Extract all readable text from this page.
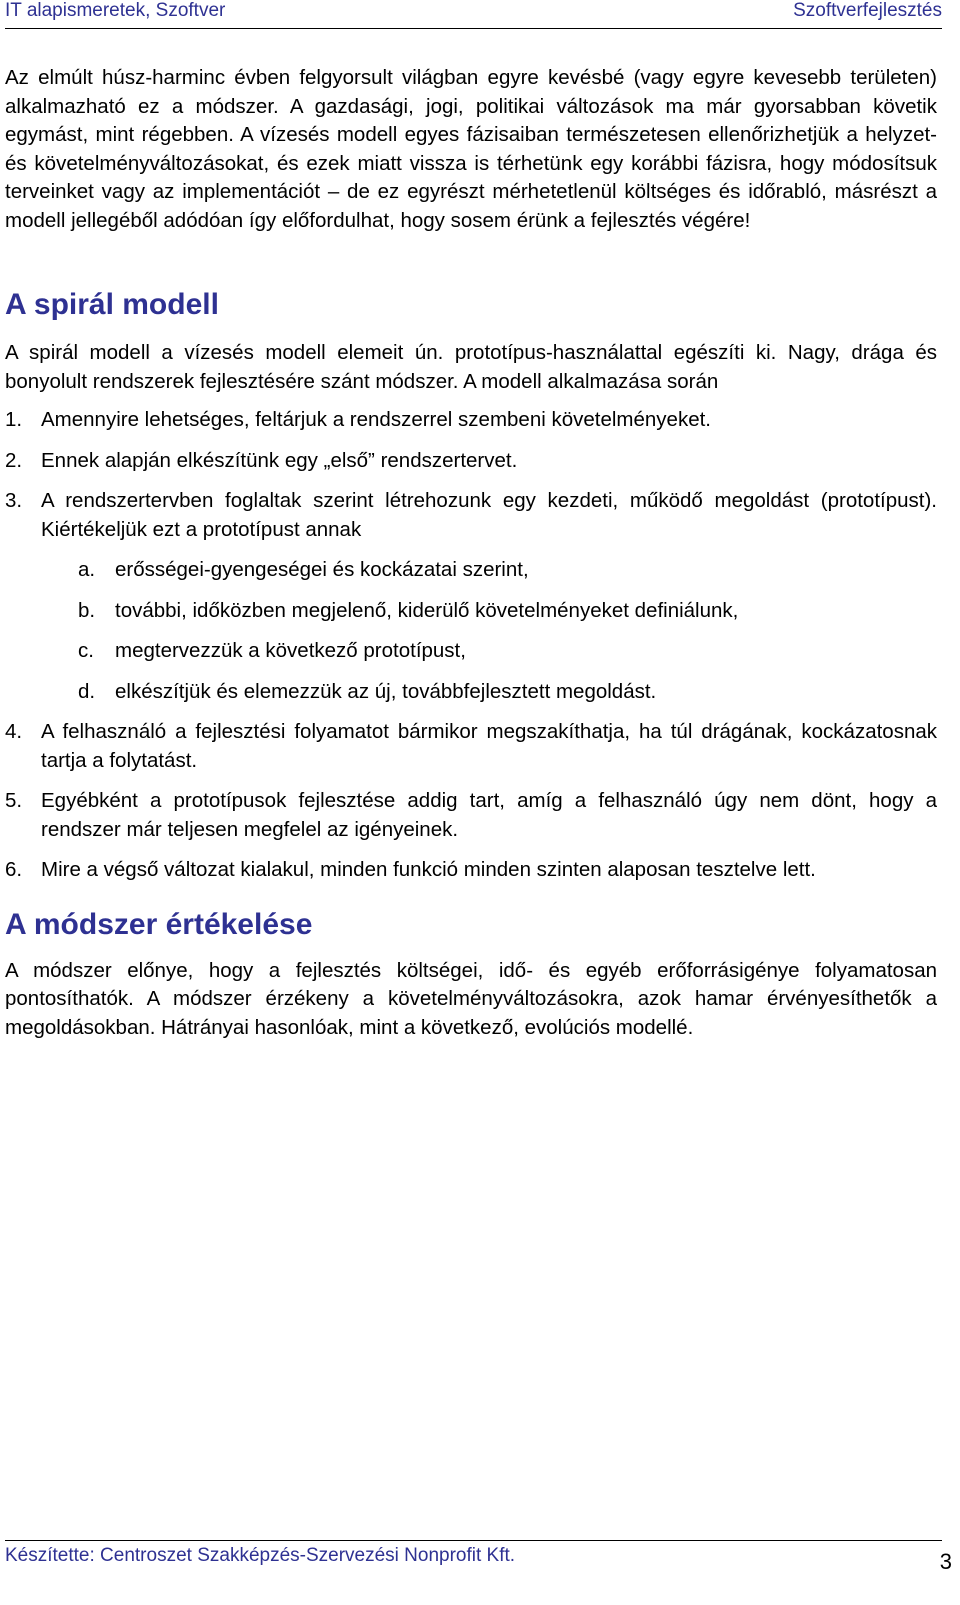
IT alapismeretek, Szoftver	Szoftverfejlesztés

Az elmúlt húsz-harminc évben felgyorsult világban egyre kevésbé (vagy egyre kevesebb területen) alkalmazható ez a módszer. A gazdasági, jogi, politikai változások ma már gyorsabban követik egymást, mint régebben. A vízesés modell egyes fázisaiban természetesen ellenőrizhetjük a helyzet- és követelményváltozásokat, és ezek miatt vissza is térhetünk egy korábbi fázisra, hogy módosítsuk terveinket vagy az implementációt – de ez egyrészt mérhetetlenül költséges és időrabló, másrészt a modell jellegéből adódóan így előfordulhat, hogy sosem érünk a fejlesztés végére!

A spirál modell

A spirál modell a vízesés modell elemeit ún. prototípus-használattal egészíti ki. Nagy, drága és bonyolult rendszerek fejlesztésére szánt módszer. A modell alkalmazása során

1. Amennyire lehetséges, feltárjuk a rendszerrel szembeni követelményeket.
2. Ennek alapján elkészítünk egy „első” rendszertervet.
3. A rendszertervben foglaltak szerint létrehozunk egy kezdeti, működő megoldást (prototípust). Kiértékeljük ezt a prototípust annak
a. erősségei-gyengeségei és kockázatai szerint,
b. további, időközben megjelenő, kiderülő követelményeket definiálunk,
c.	megtervezzük a következő prototípust,
d. elkészítjük és elemezzük az új, továbbfejlesztett megoldást.
4. A felhasználó a fejlesztési folyamatot bármikor megszakíthatja, ha túl drágának, kockázatosnak tartja a folytatást.
5. Egyébként a prototípusok fejlesztése addig tart, amíg a felhasználó úgy nem dönt, hogy a rendszer már teljesen megfelel az igényeinek.
6. Mire a végső változat kialakul, minden funkció minden szinten alaposan tesztelve lett.
A módszer értékelése

A módszer előnye, hogy a fejlesztés költségei, idő- és egyéb erőforrásigénye folyamatosan pontosíthatók. A módszer érzékeny a követelményváltozásokra, azok hamar érvényesíthetők a megoldásokban. Hátrányai hasonlóak, mint a következő, evolúciós modellé.

Készítette: Centroszet Szakképzés-Szervezési Nonprofit Kft.	3
